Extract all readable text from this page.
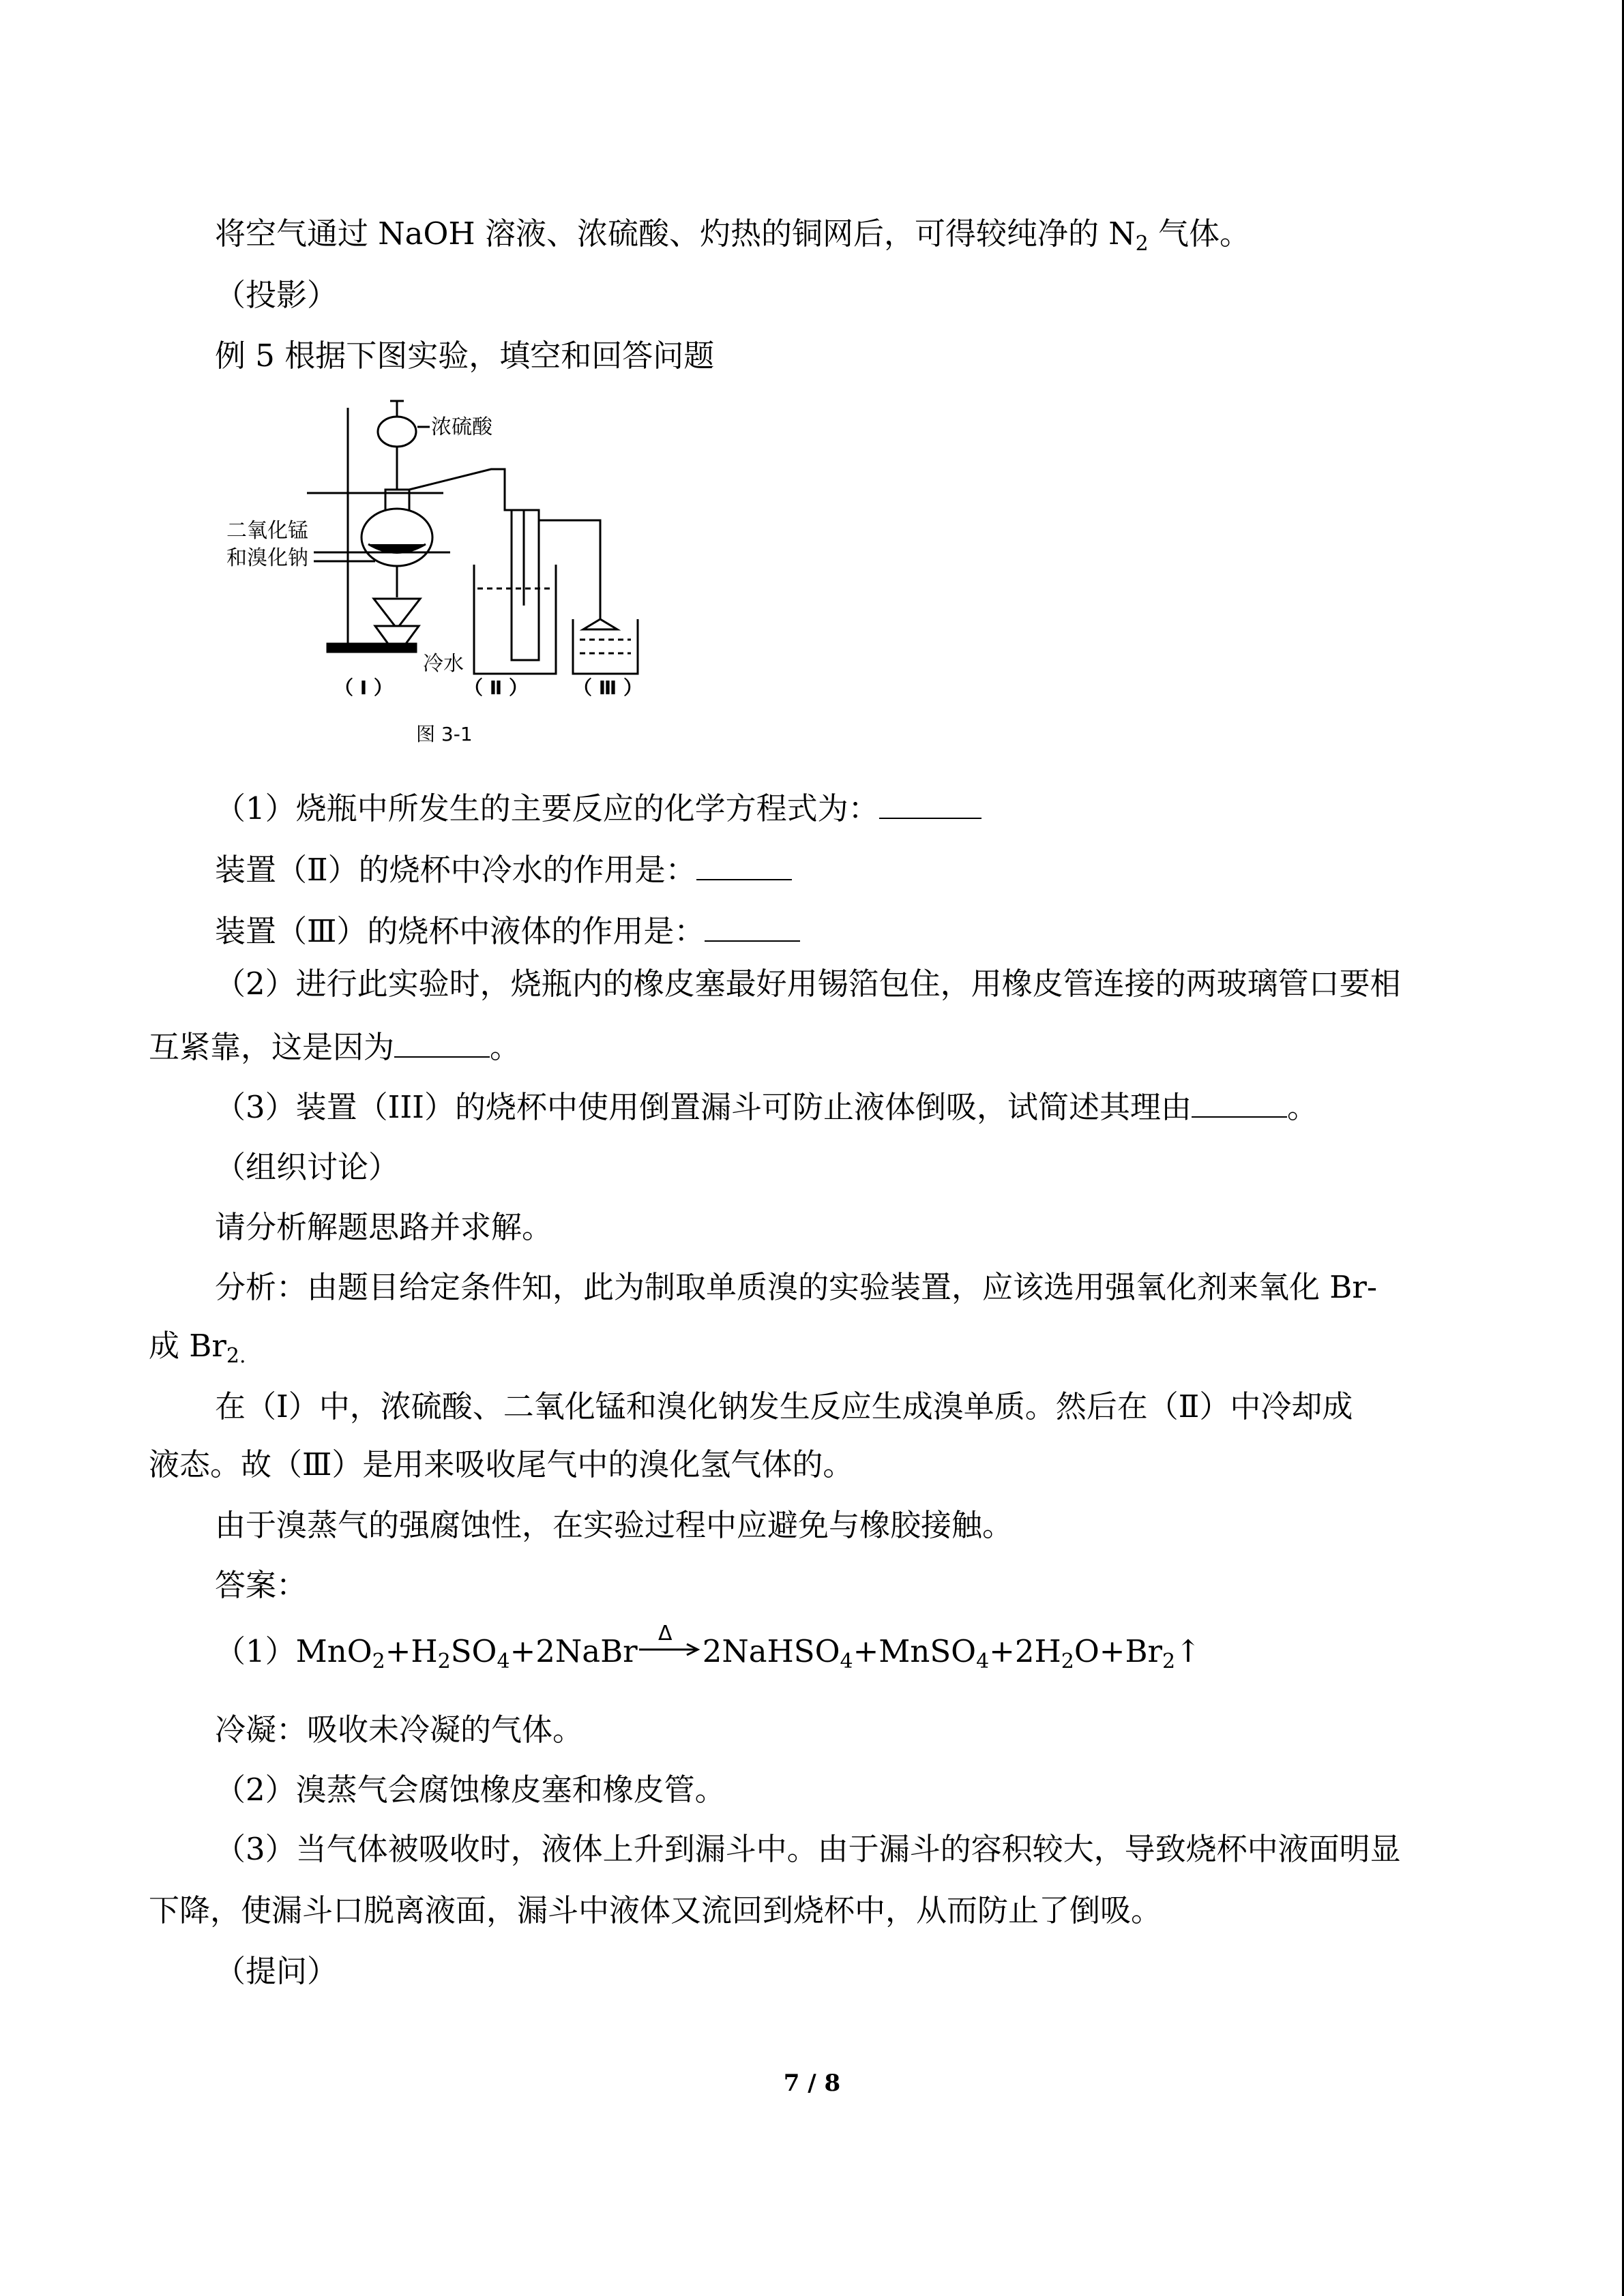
将空气通过 NaOH 溶液、浓硫酸、灼热的铜网后，可得较纯净的 $N_2$ 气体。
（投影）
例 5 根据下图实验，填空和回答问题
浓硫酸
二氧化锰
和溴化钠
冷水
（ Ⅰ ）	（ Ⅱ ） （ Ⅲ ）
图 3-1
（1）烧瓶中所发生的主要反应的化学方程式为：
装置（Ⅱ）的烧杯中冷水的作用是：
装置（Ⅲ）的烧杯中液体的作用是：
（2）进行此实验时，烧瓶内的橡皮塞最好用锡箔包住，用橡皮管连接的两玻璃管口要相
互紧靠，这是因为	。
（3）装置（III）的烧杯中使用倒置漏斗可防止液体倒吸，试简述其理由	。
（组织讨论）
请分析解题思路并求解。
分析：由题目给定条件知，此为制取单质溴的实验装置，应该选用强氧化剂来氧化 Br-
成 $Br_{2.}$
在（Ⅰ）中，浓硫酸、二氧化锰和溴化钠发生反应生成溴单质。然后在（Ⅱ）中冷却成
液态。故（Ⅲ）是用来吸收尾气中的溴化氢气体的。
由于溴蒸气的强腐蚀性，在实验过程中应避免与橡胶接触。
答案：
$(1)MnO_2+H_2SO_4+2NaBr$ Δ $2NaHSO_4+MnSO_4+2H_2O+Br_2↑$
冷凝：吸收未冷凝的气体。
（2）溴蒸气会腐蚀橡皮塞和橡皮管。
（3）当气体被吸收时，液体上升到漏斗中。由于漏斗的容积较大，导致烧杯中液面明显
下降，使漏斗口脱离液面，漏斗中液体又流回到烧杯中，从而防止了倒吸。
（提问）
7 / 8
